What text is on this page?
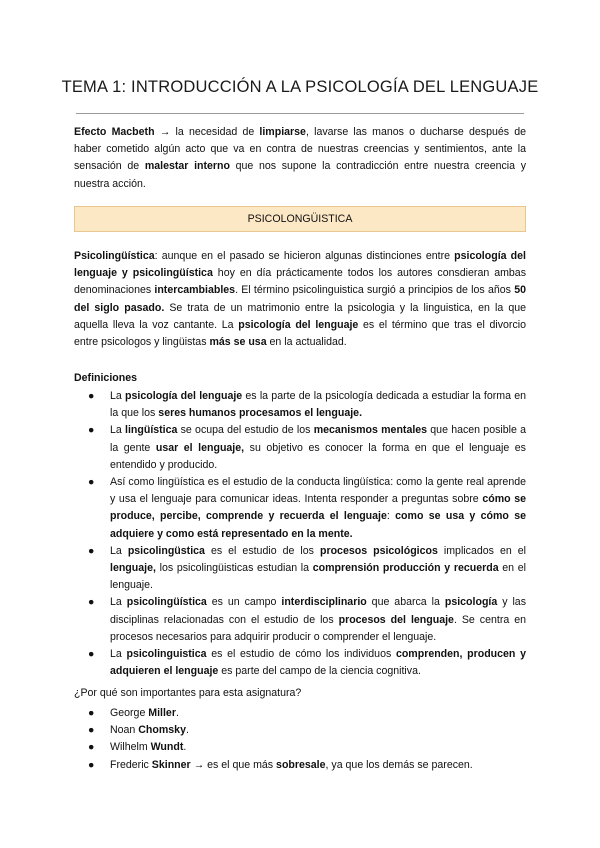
TEMA 1: INTRODUCCIÓN A LA PSICOLOGÍA DEL LENGUAJE
Efecto Macbeth → la necesidad de limpiarse, lavarse las manos o ducharse después de haber cometido algún acto que va en contra de nuestras creencias y sentimientos, ante la sensación de malestar interno que nos supone la contradicción entre nuestra creencia y nuestra acción.
PSICOLONGÜISTICA
Psicolingüística: aunque en el pasado se hicieron algunas distinciones entre psicología del lenguaje y psicolingüística hoy en día prácticamente todos los autores consdieran ambas denominaciones intercambiables. El término psicolinguistica surgió a principios de los años 50 del siglo pasado. Se trata de un matrimonio entre la psicologia y la linguistica, en la que aquella lleva la voz cantante. La psicología del lenguaje es el término que tras el divorcio entre psicologos y lingüistas más se usa en la actualidad.
Definiciones
● La psicología del lenguaje es la parte de la psicología dedicada a estudiar la forma en la que los seres humanos procesamos el lenguaje.
● La lingüística se ocupa del estudio de los mecanismos mentales que hacen posible a la gente usar el lenguaje, su objetivo es conocer la forma en que el lenguaje es entendido y producido.
● Así como lingüística es el estudio de la conducta lingüística: como la gente real aprende y usa el lenguaje para comunicar ideas. Intenta responder a preguntas sobre cómo se produce, percibe, comprende y recuerda el lenguaje: como se usa y cómo se adquiere y como está representado en la mente.
● La psicolingüstica es el estudio de los procesos psicológicos implicados en el lenguaje, los psicolingüisticas estudian la comprensión producción y recuerda en el lenguaje.
● La psicolingüística es un campo interdisciplinario que abarca la psicología y las disciplinas relacionadas con el estudio de los procesos del lenguaje. Se centra en procesos necesarios para adquirir producir o comprender el lenguaje.
● La psicolinguistica es el estudio de cómo los individuos comprenden, producen y adquieren el lenguaje es parte del campo de la ciencia cognitiva.
¿Por qué son importantes para esta asignatura?
● George Miller.
● Noan Chomsky.
● Wilhelm Wundt.
● Frederic Skinner → es el que más sobresale, ya que los demás se parecen.
